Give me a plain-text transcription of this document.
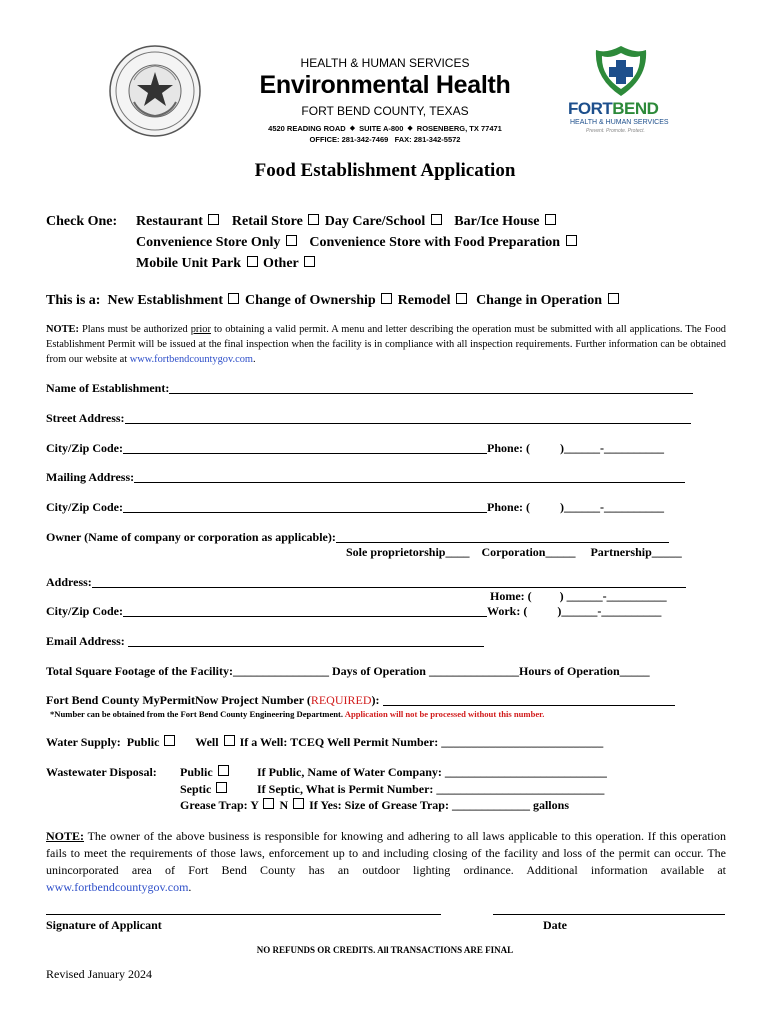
HEALTH & HUMAN SERVICES
Environmental Health
FORT BEND COUNTY, TEXAS
4520 READING ROAD ◆ SUITE A-800 ◆ ROSENBERG, TX 77471
OFFICE: 281-342-7469 FAX: 281-342-5572
FORTBEND
HEALTH & HUMAN SERVICES
Prevent. Promote. Protect.
Food Establishment Application
Check One: Restaurant Retail Store Day Care/School Bar/Ice House
Convenience Store Only Convenience Store with Food Preparation
Mobile Unit Park Other
This is a: New Establishment Change of Ownership Remodel Change in Operation
NOTE: Plans must be authorized prior to obtaining a valid permit. A menu and letter describing the operation must be submitted with all applications. The Food Establishment Permit will be issued at the final inspection when the facility is in compliance with all inspection requirements. Further information can be obtained from our website at www.fortbendcountygov.com.
Name of Establishment:
Street Address:
City/Zip Code:	Phone: (	)______-__________
Mailing Address:
City/Zip Code:	Phone: (	)______-__________
Owner (Name of company or corporation as applicable):
Sole proprietorship____ Corporation_____ Partnership_____
Address:
Home: ( ) ______-__________
City/Zip Code:	Work: (	)______-__________
Email Address:
Total Square Footage of the Facility:________________ Days of Operation _______________Hours of Operation_____
Fort Bend County MyPermitNow Project Number (REQUIRED):
*Number can be obtained from the Fort Bend County Engineering Department. Application will not be processed without this number.
Water Supply: Public	Well If a Well: TCEQ Well Permit Number: ___________________________
Wastewater Disposal: Public	If Public, Name of Water Company: ___________________________
Septic	If Septic, What is Permit Number: ____________________________
Grease Trap: Y N If Yes: Size of Grease Trap: _____________ gallons
NOTE: The owner of the above business is responsible for knowing and adhering to all laws applicable to this operation. If this operation fails to meet the requirements of those laws, enforcement up to and including closing of the facility and loss of the permit can occur. The unincorporated area of Fort Bend County has an outdoor lighting ordinance. Additional information available at www.fortbendcountygov.com.
Signature of Applicant	Date
NO REFUNDS OR CREDITS. All TRANSACTIONS ARE FINAL
Revised January 2024
